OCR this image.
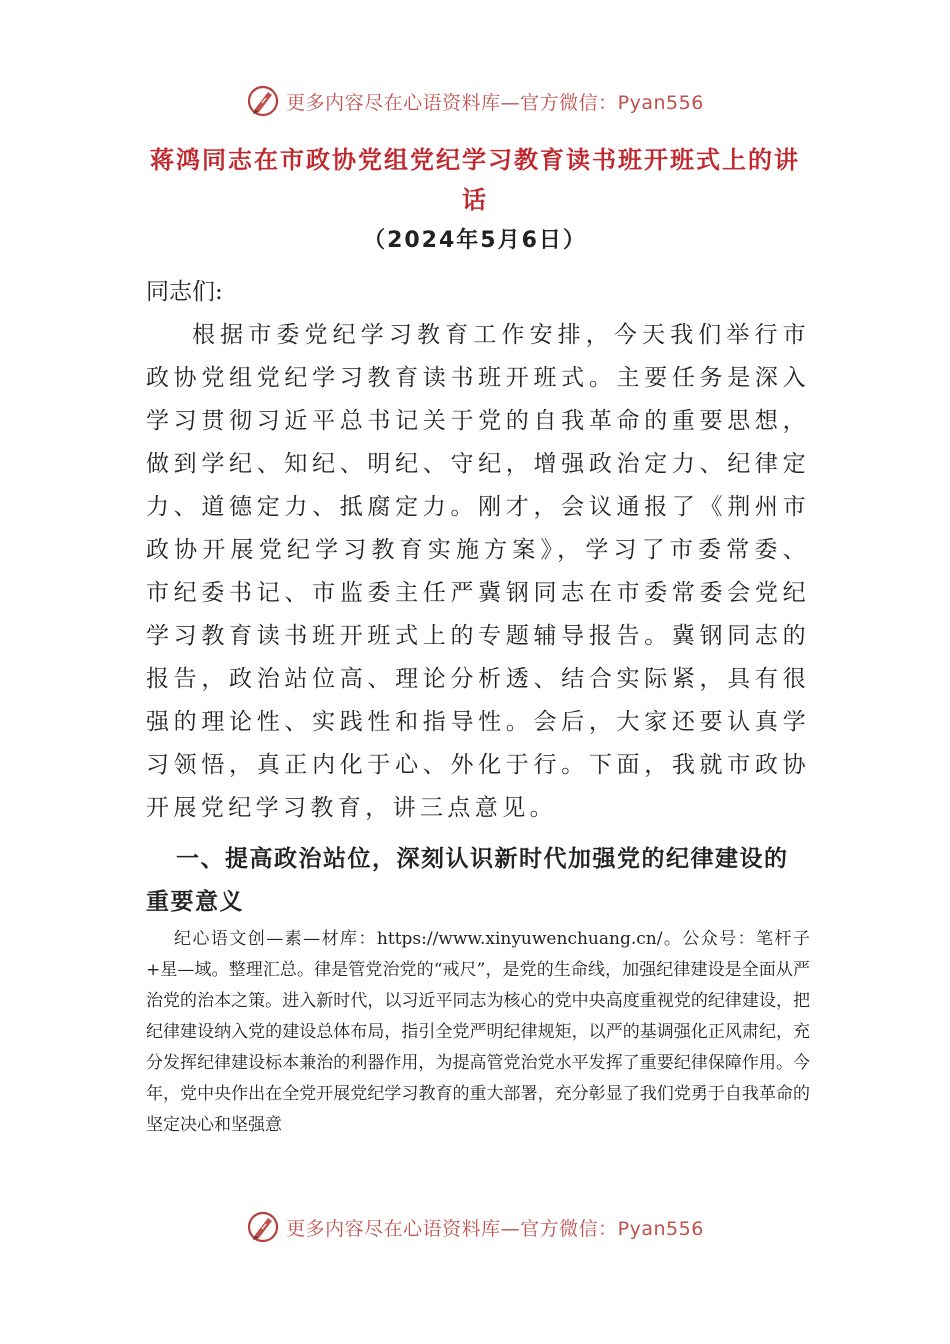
更多内容尽在心语资料库—官方微信：Pyan556
蒋鸿同志在市政协党组党纪学习教育读书班开班式上的讲话
（2024年5月6日）
同志们:

根据市委党纪学习教育工作安排，今天我们举行市政协党组党纪学习教育读书班开班式。主要任务是深入学习贯彻习近平总书记关于党的自我革命的重要思想，做到学纪、知纪、明纪、守纪，增强政治定力、纪律定力、道德定力、抵腐定力。刚才，会议通报了《荆州市政协开展党纪学习教育实施方案》，学习了市委常委、市纪委书记、市监委主任严冀钢同志在市委常委会党纪学习教育读书班开班式上的专题辅导报告。冀钢同志的报告，政治站位高、理论分析透、结合实际紧，具有很强的理论性、实践性和指导性。会后，大家还要认真学习领悟，真正内化于心、外化于行。下面，我就市政协开展党纪学习教育，讲三点意见。

一、提高政治站位，深刻认识新时代加强党的纪律建设的重要意义

纪心语文创—素—材库：https://www.xinyuwenchuang.cn/。公众号：笔杆子+星—域。整理汇总。律是管党治党的“戒尺”，是党的生命线，加强纪律建设是全面从严治党的治本之策。进入新时代，以习近平同志为核心的党中央高度重视党的纪律建设，把纪律建设纳入党的建设总体布局，指引全党严明纪律规矩，以严的基调强化正风肃纪，充分发挥纪律建设标本兼治的利器作用，为提高管党治党水平发挥了重要纪律保障作用。今年，党中央作出在全党开展党纪学习教育的重大部署，充分彰显了我们党勇于自我革命的坚定决心和坚强意

更多内容尽在心语资料库—官方微信：Pyan556
